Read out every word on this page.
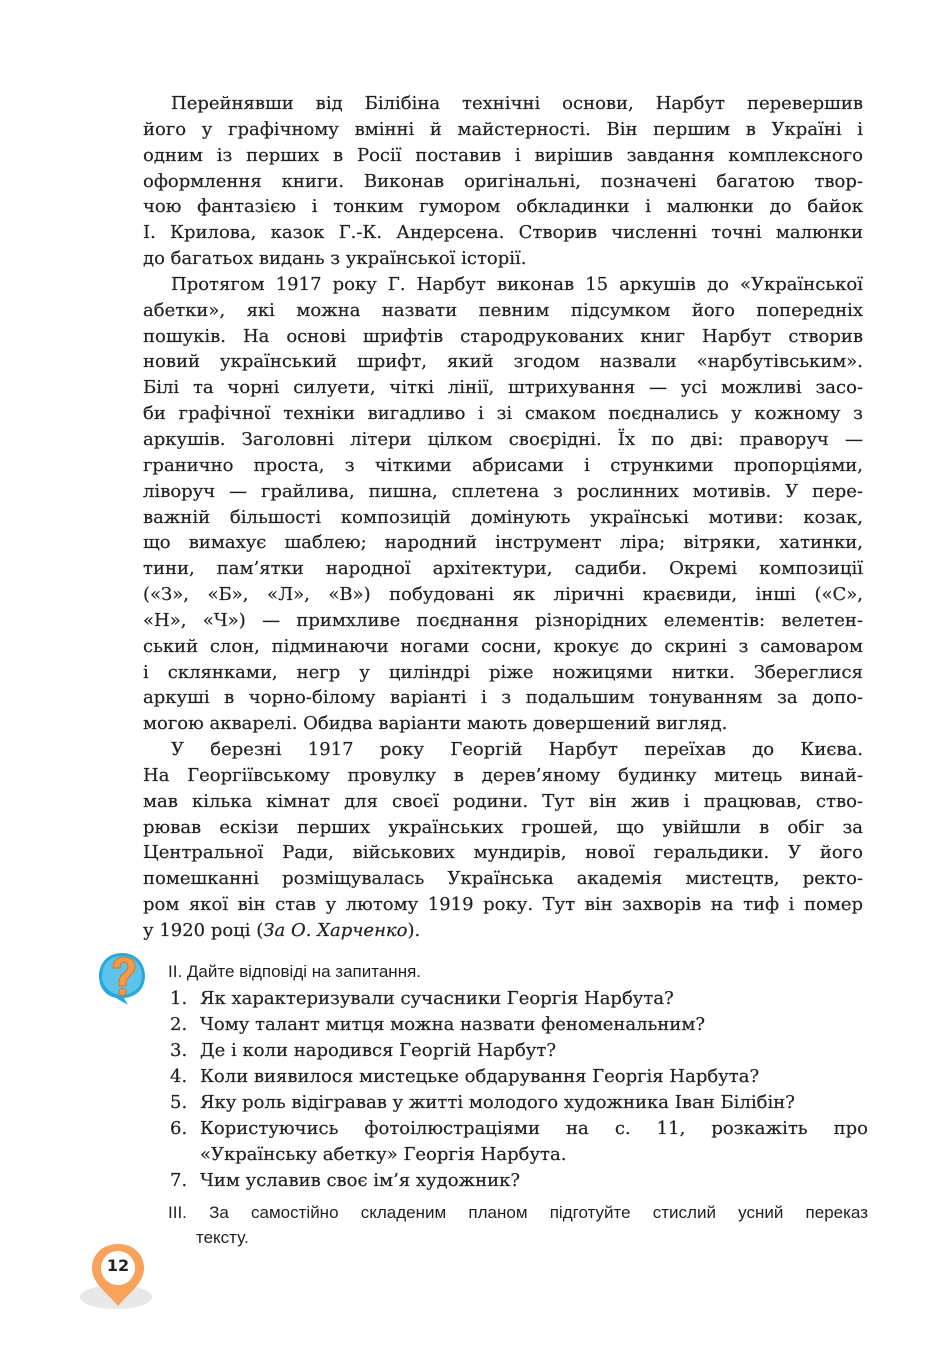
Перейнявши від Білібіна технічні основи, Нарбут перевершив
його у графічному вмінні й майстерності. Він першим в Україні і
одним із перших в Росії поставив і вирішив завдання комплексного
оформлення книги. Виконав оригінальні, позначені багатою твор-
чою фантазією і тонким гумором обкладинки і малюнки до байок
І. Крилова, казок Г.-К. Андерсена. Створив численні точні малюнки
до багатьох видань з української історії.

Протягом 1917 року Г. Нарбут виконав 15 аркушів до «Української
абетки», які можна назвати певним підсумком його попередніх
пошуків. На основі шрифтів стародрукованих книг Нарбут створив
новий український шрифт, який згодом назвали «нарбутівським».
Білі та чорні силуети, чіткі лінії, штрихування — усі можливі засо-
би графічної техніки вигадливо і зі смаком поєднались у кожному з
аркушів. Заголовні літери цілком своєрідні. Їх по дві: праворуч —
гранично проста, з чіткими абрисами і стрункими пропорціями,
ліворуч — грайлива, пишна, сплетена з рослинних мотивів. У пере-
важній більшості композицій домінують українські мотиви: козак,
що вимахує шаблею; народний інструмент ліра; вітряки, хатинки,
тини, пам’ятки народної архітектури, садиби. Окремі композиції
(«З», «Б», «Л», «В») побудовані як ліричні краєвиди, інші («С»,
«Н», «Ч») — примхливе поєднання різнорідних елементів: велетен-
ський слон, підминаючи ногами сосни, крокує до скрині з самоваром
і склянками, негр у циліндрі ріже ножицями нитки. Збереглися
аркуші в чорно-білому варіанті і з подальшим тонуванням за допо-
могою акварелі. Обидва варіанти мають довершений вигляд.

У березні 1917 року Георгій Нарбут переїхав до Києва.
На Георгіївському провулку в дерев’яному будинку митець винай-
мав кілька кімнат для своєї родини. Тут він жив і працював, ство-
рював ескізи перших українських грошей, що увійшли в обіг за
Центральної Ради, військових мундирів, нової геральдики. У його
помешканні розміщувалась Українська академія мистецтв, ректо-
ром якої він став у лютому 1919 року. Тут він захворів на тиф і помер
у 1920 році (За О. Харченко).

ІІ. Дайте відповіді на запитання.

1. Як характеризували сучасники Георгія Нарбута?
2. Чому талант митця можна назвати феноменальним?
3. Де і коли народився Георгій Нарбут?
4. Коли виявилося мистецьке обдарування Георгія Нарбута?
5. Яку роль відігравав у житті молодого художника Іван Білібін?
6. Користуючись фотоілюстраціями на с. 11, розкажіть про
«Українську абетку» Георгія Нарбута.
7. Чим уславив своє ім’я художник?

ІІІ. За самостійно складеним планом підготуйте стислий усний переказ
тексту.

12
